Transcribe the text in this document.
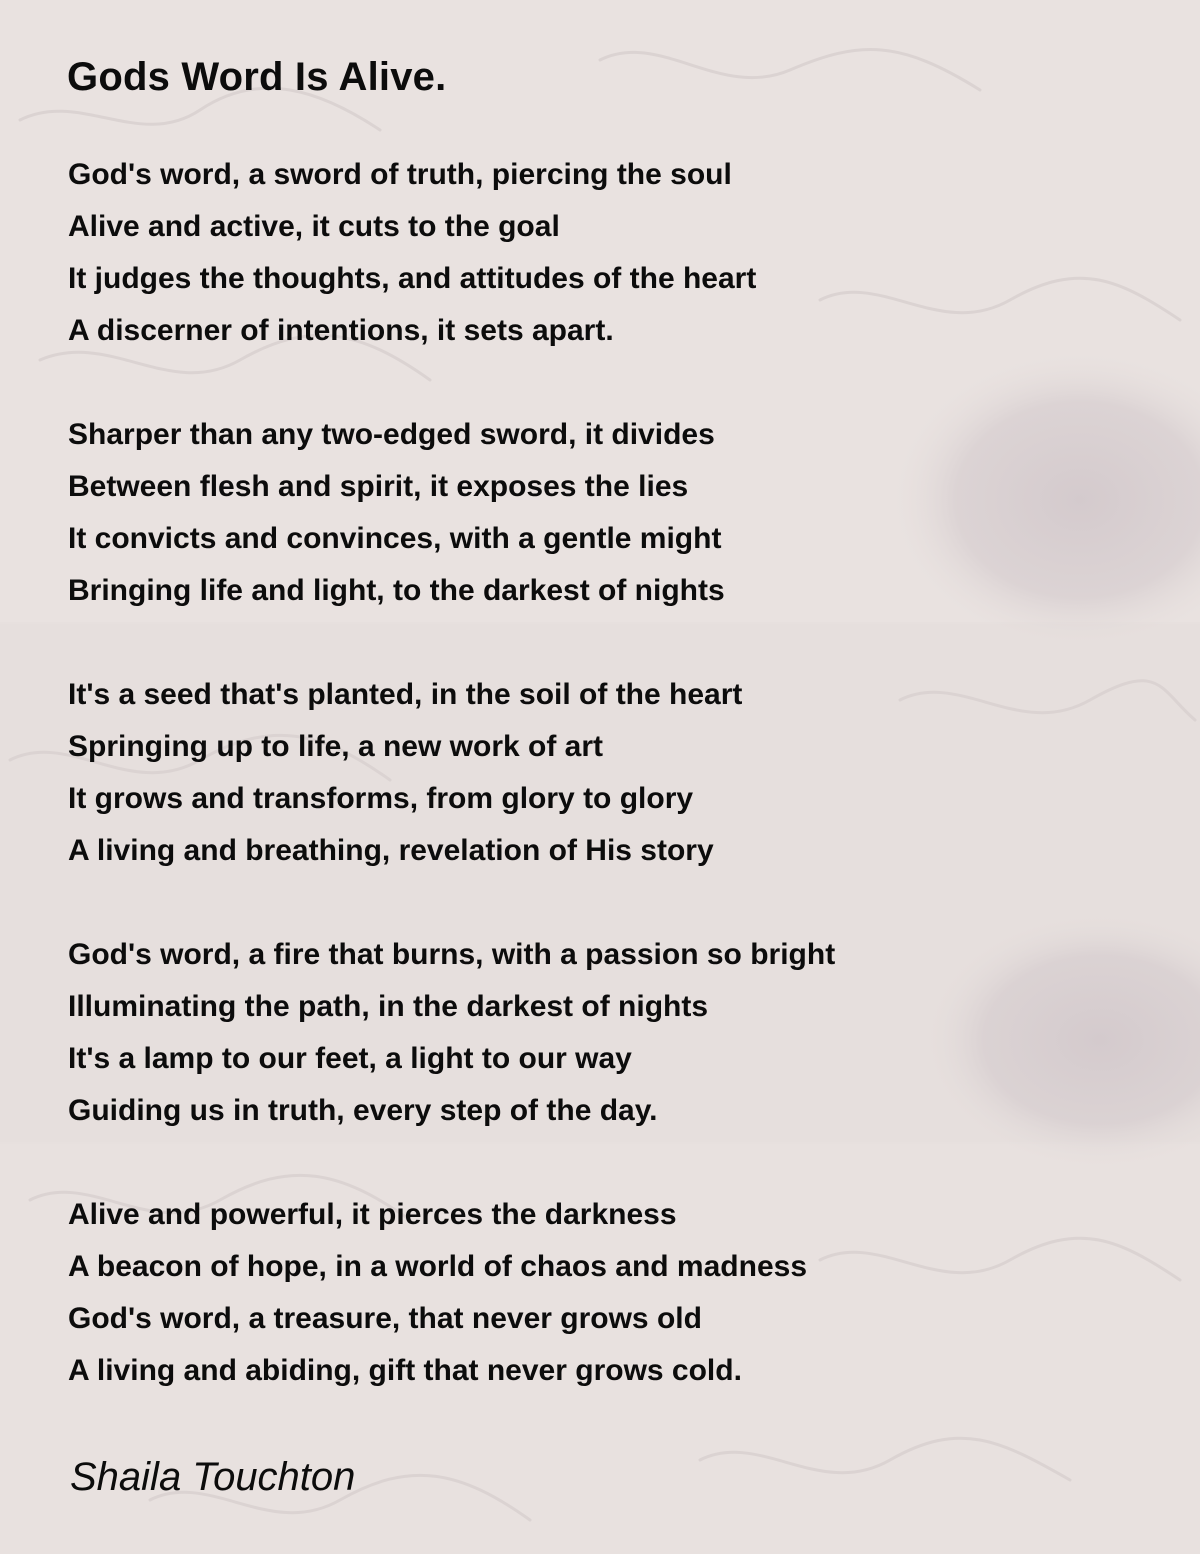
Gods Word Is Alive.
God's word, a sword of truth, piercing the soul
Alive and active, it cuts to the goal
It judges the thoughts, and attitudes of the heart
A discerner of intentions, it sets apart.
Sharper than any two-edged sword, it divides
Between flesh and spirit, it exposes the lies
It convicts and convinces, with a gentle might
Bringing life and light, to the darkest of nights
It's a seed that's planted, in the soil of the heart
Springing up to life, a new work of art
It grows and transforms, from glory to glory
A living and breathing, revelation of His story
God's word, a fire that burns, with a passion so bright
Illuminating the path, in the darkest of nights
It's a lamp to our feet, a light to our way
Guiding us in truth, every step of the day.
Alive and powerful, it pierces the darkness
A beacon of hope, in a world of chaos and madness
God's word, a treasure, that never grows old
A living and abiding, gift that never grows cold.

Shaila Touchton
